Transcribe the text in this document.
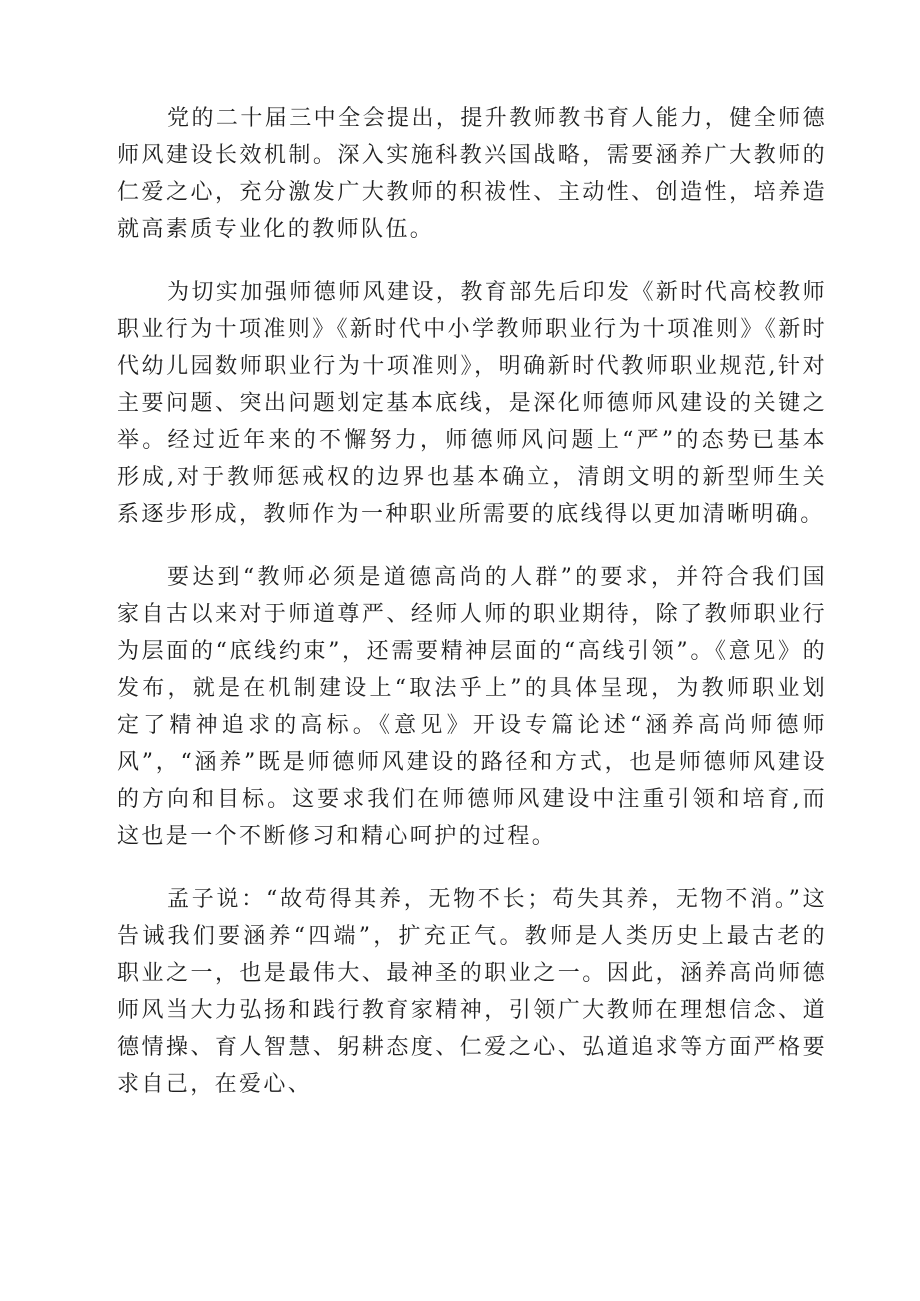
党的二十届三中全会提出，提升教师教书育人能力，健全师德师风建设长效机制。深入实施科教兴国战略，需要涵养广大教师的仁爱之心，充分激发广大教师的积祓性、主动性、创造性，培养造就高素质专业化的教师队伍。

为切实加强师德师风建设，教育部先后印发《新时代高校教师职业行为十项准则》《新时代中小学教师职业行为十项准则》《新时代幼儿园数师职业行为十项准则》，明确新时代教师职业规范,针对主要问题、突出问题划定基本底线，是深化师德师风建设的关键之举。经过近年来的不懈努力，师德师风问题上“严”的态势已基本形成,对于教师惩戒权的边界也基本确立，清朗文明的新型师生关系逐步形成，教师作为一种职业所需要的底线得以更加清晰明确。

要达到“教师必须是道德高尚的人群”的要求，并符合我们国家自古以来对于师道尊严、经师人师的职业期待，除了教师职业行为层面的“底线约束”，还需要精神层面的“高线引领”。《意见》的发布，就是在机制建设上“取法乎上”的具体呈现，为教师职业划定了精神追求的高标。《意见》开设专篇论述“涵养高尚师德师风”，“涵养”既是师德师风建设的路径和方式，也是师德师风建设的方向和目标。这要求我们在师德师风建设中注重引领和培育,而这也是一个不断修习和精心呵护的过程。

孟子说：“故苟得其养，无物不长；苟失其养，无物不消。”这告诫我们要涵养“四端”，扩充正气。教师是人类历史上最古老的职业之一，也是最伟大、最神圣的职业之一。因此，涵养高尚师德师风当大力弘扬和践行教育家精神，引领广大教师在理想信念、道德情操、育人智慧、躬耕态度、仁爱之心、弘道追求等方面严格要求自己，在爱心、
